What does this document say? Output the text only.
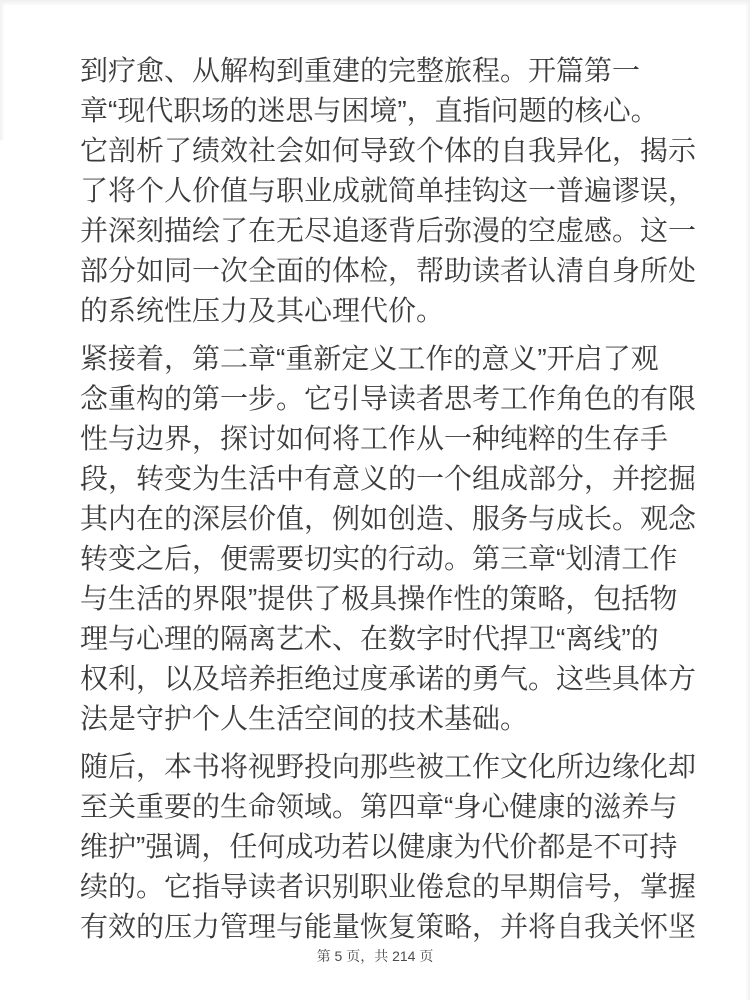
到疗愈、从解构到重建的完整旅程。开篇第一
章“现代职场的迷思与困境”，直指问题的核心。
它剖析了绩效社会如何导致个体的自我异化，揭示
了将个人价值与职业成就简单挂钩这一普遍谬误，
并深刻描绘了在无尽追逐背后弥漫的空虚感。这一
部分如同一次全面的体检，帮助读者认清自身所处
的系统性压力及其心理代价。

紧接着，第二章“重新定义工作的意义”开启了观
念重构的第一步。它引导读者思考工作角色的有限
性与边界，探讨如何将工作从一种纯粹的生存手
段，转变为生活中有意义的一个组成部分，并挖掘
其内在的深层价值，例如创造、服务与成长。观念
转变之后，便需要切实的行动。第三章“划清工作
与生活的界限”提供了极具操作性的策略，包括物
理与心理的隔离艺术、在数字时代捍卫“离线”的
权利，以及培养拒绝过度承诺的勇气。这些具体方
法是守护个人生活空间的技术基础。

随后，本书将视野投向那些被工作文化所边缘化却
至关重要的生命领域。第四章“身心健康的滋养与
维护”强调，任何成功若以健康为代价都是不可持
续的。它指导读者识别职业倦怠的早期信号，掌握
有效的压力管理与能量恢复策略，并将自我关怀坚

第 5 页，共 214 页
